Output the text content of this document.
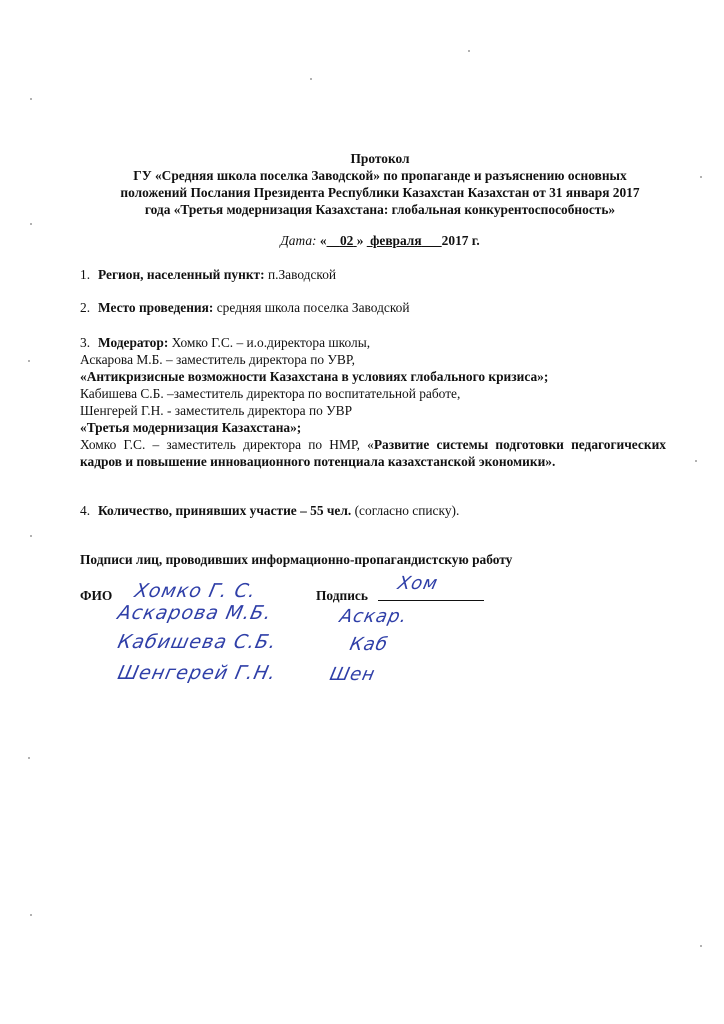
Протокол
ГУ «Средняя школа поселка Заводской» по пропаганде и разъяснению основных
положений Послания Президента Республики Казахстан Казахстан от 31 января 2017
года «Третья модернизация Казахстана: глобальная конкурентоспособность»
Дата: « 02 » февраля 2017 г.
1. Регион, населенный пункт: п.Заводской
2. Место проведения: средняя школа поселка Заводской
3. Модератор: Хомко Г.С. – и.о.директора школы,
Аскарова М.Б. – заместитель директора по УВР,
«Антикризисные возможности Казахстана в условиях глобального кризиса»;
Кабишева С.Б. –заместитель директора по воспитательной работе,
Шенгерей Г.Н. - заместитель директора по УВР
«Третья модернизация Казахстана»;
Хомко Г.С. – заместитель директора по НМР, «Развитие системы подготовки педагогических кадров и повышение инновационного потенциала казахстанской экономики».
4. Количество, принявших участие – 55 чел. (согласно списку).
Подписи лиц, проводивших информационно-пропагандистскую работу
ФИО	Подпись
Хомко Г. С.	Хом
Аскарова М.Б.	Аскар.
Кабишева С.Б.	Каб
Шенгерей Г.Н.	Шен
